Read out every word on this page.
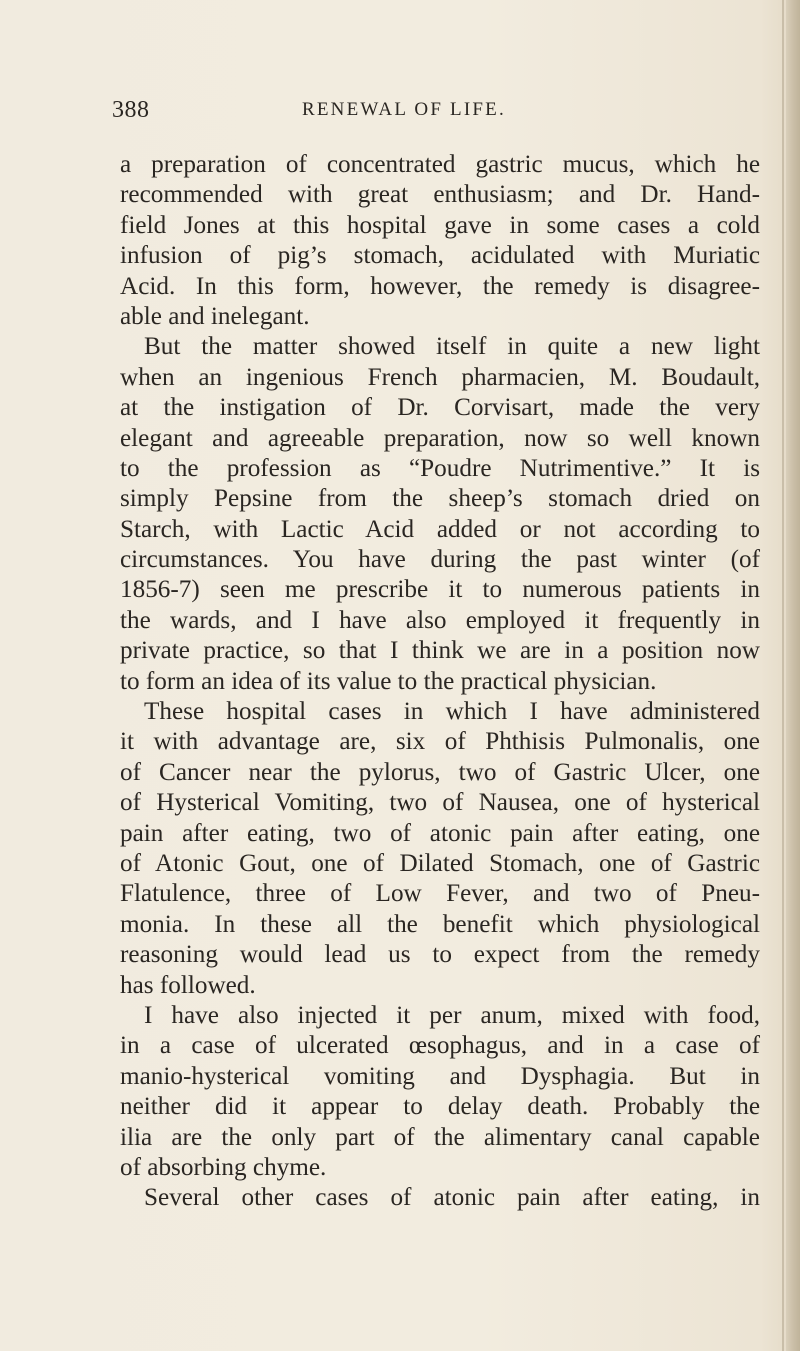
388	RENEWAL OF LIFE.
a preparation of concentrated gastric mucus, which he
recommended with great enthusiasm; and Dr. Hand-
field Jones at this hospital gave in some cases a cold
infusion of pig’s stomach, acidulated with Muriatic
Acid. In this form, however, the remedy is disagree-
able and inelegant.
But the matter showed itself in quite a new light
when an ingenious French pharmacien, M. Boudault,
at the instigation of Dr. Corvisart, made the very
elegant and agreeable preparation, now so well known
to the profession as “Poudre Nutrimentive.” It is
simply Pepsine from the sheep’s stomach dried on
Starch, with Lactic Acid added or not according to
circumstances. You have during the past winter (of
1856-7) seen me prescribe it to numerous patients in
the wards, and I have also employed it frequently in
private practice, so that I think we are in a position now
to form an idea of its value to the practical physician.
These hospital cases in which I have administered
it with advantage are, six of Phthisis Pulmonalis, one
of Cancer near the pylorus, two of Gastric Ulcer, one
of Hysterical Vomiting, two of Nausea, one of hysterical
pain after eating, two of atonic pain after eating, one
of Atonic Gout, one of Dilated Stomach, one of Gastric
Flatulence, three of Low Fever, and two of Pneu-
monia. In these all the benefit which physiological
reasoning would lead us to expect from the remedy
has followed.
I have also injected it per anum, mixed with food,
in a case of ulcerated œsophagus, and in a case of
manio-hysterical vomiting and Dysphagia. But in
neither did it appear to delay death. Probably the
ilia are the only part of the alimentary canal capable
of absorbing chyme.
Several other cases of atonic pain after eating, in
